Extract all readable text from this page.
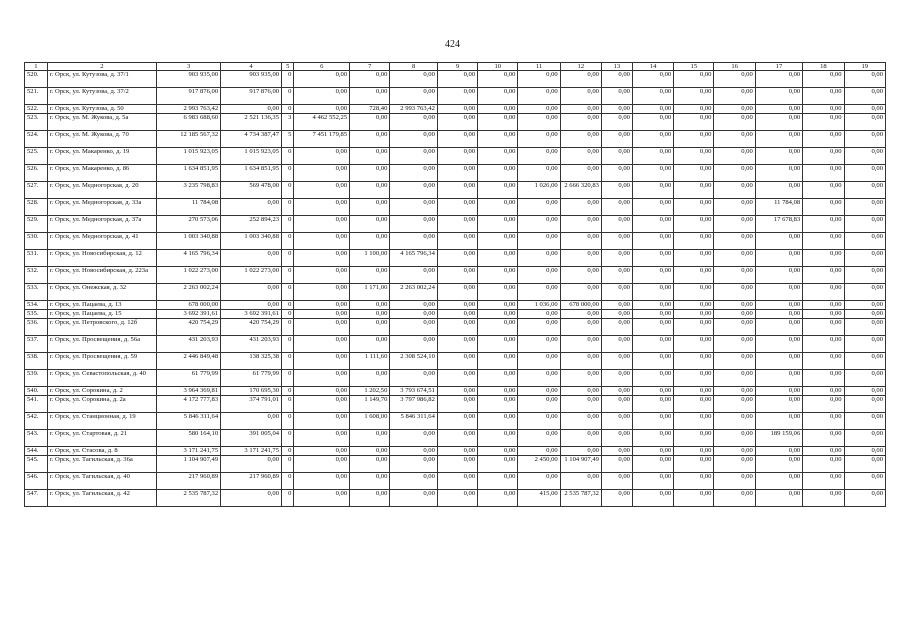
424
1	2	3	4	5	6	7	8	9	10	11	12	13	14	15	16	17	18	19
520.	г. Орск, ул. Кутузова, д. 37/1	903 935,00	903 935,00	0	0,00	0,00	0,00	0,00	0,00	0,00	0,00	0,00	0,00	0,00	0,00	0,00	0,00	0,00
521.	г. Орск, ул. Кутузова, д. 37/2	917 876,00	917 876,00	0	0,00	0,00	0,00	0,00	0,00	0,00	0,00	0,00	0,00	0,00	0,00	0,00	0,00	0,00
522.	г. Орск, ул. Кутузова, д. 50	2 993 763,42	0,00	0	0,00	728,40	2 993 763,42	0,00	0,00	0,00	0,00	0,00	0,00	0,00	0,00	0,00	0,00	0,00
523.	г. Орск, ул. М. Жукова, д. 5а	6 983 688,60	2 521 136,35	3	4 462 552,25	0,00	0,00	0,00	0,00	0,00	0,00	0,00	0,00	0,00	0,00	0,00	0,00	0,00
524.	г. Орск, ул. М. Жукова, д. 70	12 185 567,32	4 734 387,47	5	7 451 179,85	0,00	0,00	0,00	0,00	0,00	0,00	0,00	0,00	0,00	0,00	0,00	0,00	0,00
525.	г. Орск, ул. Макаренко, д. 19	1 015 923,05	1 015 923,05	0	0,00	0,00	0,00	0,00	0,00	0,00	0,00	0,00	0,00	0,00	0,00	0,00	0,00	0,00
526.	г. Орск, ул. Макаренко, д. 86	1 634 851,95	1 634 851,95	0	0,00	0,00	0,00	0,00	0,00	0,00	0,00	0,00	0,00	0,00	0,00	0,00	0,00	0,00
527.	г. Орск, ул. Медногорская, д. 20	3 235 798,83	569 478,00	0	0,00	0,00	0,00	0,00	0,00	1 026,00	2 666 320,83	0,00	0,00	0,00	0,00	0,00	0,00	0,00
528.	г. Орск, ул. Медногорская, д. 33а	11 784,08	0,00	0	0,00	0,00	0,00	0,00	0,00	0,00	0,00	0,00	0,00	0,00	0,00	11 784,08	0,00	0,00
529.	г. Орск, ул. Медногорская, д. 37а	270 573,06	252 894,23	0	0,00	0,00	0,00	0,00	0,00	0,00	0,00	0,00	0,00	0,00	0,00	17 678,83	0,00	0,00
530.	г. Орск, ул. Медногорская, д. 41	1 003 340,88	1 003 340,88	0	0,00	0,00	0,00	0,00	0,00	0,00	0,00	0,00	0,00	0,00	0,00	0,00	0,00	0,00
531.	г. Орск, ул. Новосибирская, д. 12	4 165 796,34	0,00	0	0,00	1 100,00	4 165 796,34	0,00	0,00	0,00	0,00	0,00	0,00	0,00	0,00	0,00	0,00	0,00
532.	г. Орск, ул. Новосибирская, д. 223а	1 022 273,00	1 022 273,00	0	0,00	0,00	0,00	0,00	0,00	0,00	0,00	0,00	0,00	0,00	0,00	0,00	0,00	0,00
533.	г. Орск, ул. Онежская, д. 32	2 263 002,24	0,00	0	0,00	1 171,00	2 263 002,24	0,00	0,00	0,00	0,00	0,00	0,00	0,00	0,00	0,00	0,00	0,00
534.	г. Орск, ул. Пацаева, д. 13	678 000,00	0,00	0	0,00	0,00	0,00	0,00	0,00	1 036,00	678 000,00	0,00	0,00	0,00	0,00	0,00	0,00	0,00
535.	г. Орск, ул. Пацаева, д. 15	3 692 391,61	3 692 391,61	0	0,00	0,00	0,00	0,00	0,00	0,00	0,00	0,00	0,00	0,00	0,00	0,00	0,00	0,00
536.	г. Орск, ул. Петровского, д. 12б	420 754,29	420 754,29	0	0,00	0,00	0,00	0,00	0,00	0,00	0,00	0,00	0,00	0,00	0,00	0,00	0,00	0,00
537.	г. Орск, ул. Просвещения, д. 56а	431 203,93	431 203,93	0	0,00	0,00	0,00	0,00	0,00	0,00	0,00	0,00	0,00	0,00	0,00	0,00	0,00	0,00
538.	г. Орск, ул. Просвещения, д. 59	2 446 849,48	138 325,38	0	0,00	1 111,60	2 308 524,10	0,00	0,00	0,00	0,00	0,00	0,00	0,00	0,00	0,00	0,00	0,00
539.	г. Орск, ул. Севастопольская, д. 40	61 779,99	61 779,99	0	0,00	0,00	0,00	0,00	0,00	0,00	0,00	0,00	0,00	0,00	0,00	0,00	0,00	0,00
540.	г. Орск, ул. Сорокина, д. 2	3 964 369,81	170 695,30	0	0,00	1 202,50	3 793 674,51	0,00	0,00	0,00	0,00	0,00	0,00	0,00	0,00	0,00	0,00	0,00
541.	г. Орск, ул. Сорокина, д. 2а	4 172 777,83	374 791,01	0	0,00	1 149,70	3 797 986,82	0,00	0,00	0,00	0,00	0,00	0,00	0,00	0,00	0,00	0,00	0,00
542.	г. Орск, ул. Станционная, д. 19	5 846 311,64	0,00	0	0,00	1 608,00	5 846 311,64	0,00	0,00	0,00	0,00	0,00	0,00	0,00	0,00	0,00	0,00	0,00
543.	г. Орск, ул. Стартовая, д. 21	580 164,10	391 005,04	0	0,00	0,00	0,00	0,00	0,00	0,00	0,00	0,00	0,00	0,00	0,00	189 159,06	0,00	0,00
544.	г. Орск, ул. Стасова, д. 8	3 171 241,75	3 171 241,75	0	0,00	0,00	0,00	0,00	0,00	0,00	0,00	0,00	0,00	0,00	0,00	0,00	0,00	0,00
545.	г. Орск, ул. Тагильская, д. 36а	1 104 907,49	0,00	0	0,00	0,00	0,00	0,00	0,00	2 450,00	1 104 907,49	0,00	0,00	0,00	0,00	0,00	0,00	0,00
546.	г. Орск, ул. Тагильская, д. 40	217 960,89	217 960,89	0	0,00	0,00	0,00	0,00	0,00	0,00	0,00	0,00	0,00	0,00	0,00	0,00	0,00	0,00
547.	г. Орск, ул. Тагильская, д. 42	2 535 787,32	0,00	0	0,00	0,00	0,00	0,00	0,00	415,00	2 535 787,32	0,00	0,00	0,00	0,00	0,00	0,00	0,00
